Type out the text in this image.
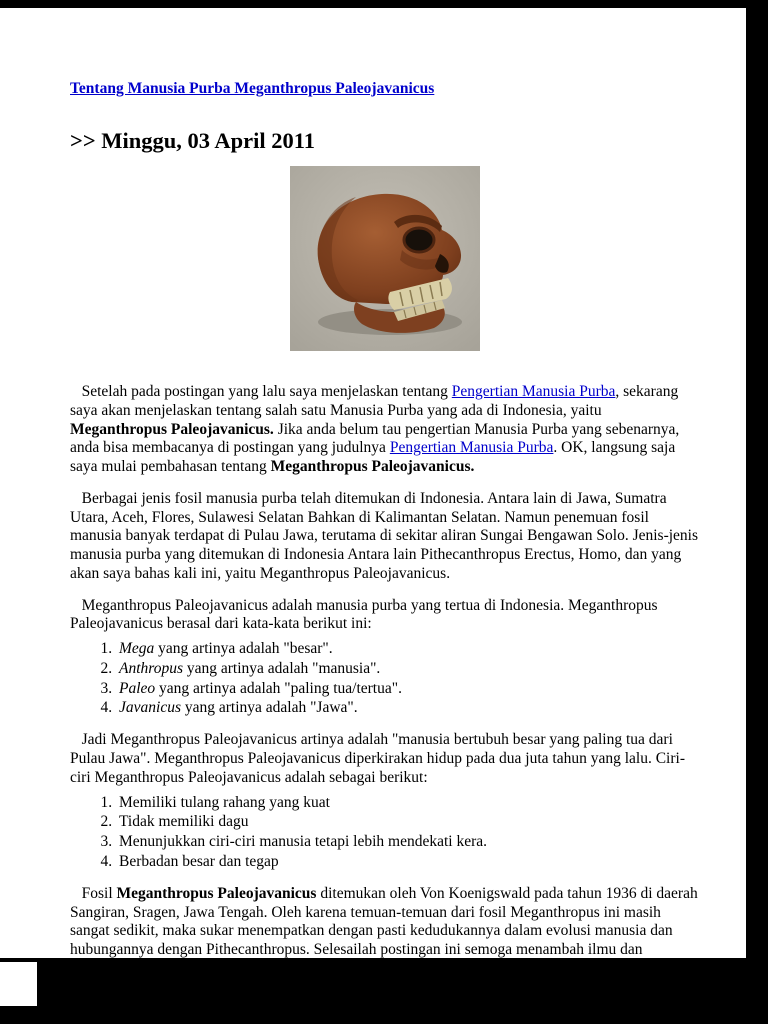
Tentang Manusia Purba Meganthropus Paleojavanicus
>> Minggu, 03 April 2011

Setelah pada postingan yang lalu saya menjelaskan tentang Pengertian Manusia Purba, sekarang saya akan menjelaskan tentang salah satu Manusia Purba yang ada di Indonesia, yaitu Meganthropus Paleojavanicus. Jika anda belum tau pengertian Manusia Purba yang sebenarnya, anda bisa membacanya di postingan yang judulnya Pengertian Manusia Purba. OK, langsung saja saya mulai pembahasan tentang Meganthropus Paleojavanicus.

Berbagai jenis fosil manusia purba telah ditemukan di Indonesia. Antara lain di Jawa, Sumatra Utara, Aceh, Flores, Sulawesi Selatan Bahkan di Kalimantan Selatan. Namun penemuan fosil manusia banyak terdapat di Pulau Jawa, terutama di sekitar aliran Sungai Bengawan Solo. Jenis-jenis manusia purba yang ditemukan di Indonesia Antara lain Pithecanthropus Erectus, Homo, dan yang akan saya bahas kali ini, yaitu Meganthropus Paleojavanicus.

Meganthropus Paleojavanicus adalah manusia purba yang tertua di Indonesia. Meganthropus Paleojavanicus berasal dari kata-kata berikut ini:

1. Mega yang artinya adalah "besar".
2. Anthropus yang artinya adalah "manusia".
3. Paleo yang artinya adalah "paling tua/tertua".
4. Javanicus yang artinya adalah "Jawa".

Jadi Meganthropus Paleojavanicus artinya adalah "manusia bertubuh besar yang paling tua dari Pulau Jawa". Meganthropus Paleojavanicus diperkirakan hidup pada dua juta tahun yang lalu. Ciri-ciri Meganthropus Paleojavanicus adalah sebagai berikut:

1. Memiliki tulang rahang yang kuat
2. Tidak memiliki dagu
3. Menunjukkan ciri-ciri manusia tetapi lebih mendekati kera.
4. Berbadan besar dan tegap

Fosil Meganthropus Paleojavanicus ditemukan oleh Von Koenigswald pada tahun 1936 di daerah Sangiran, Sragen, Jawa Tengah. Oleh karena temuan-temuan dari fosil Meganthropus ini masih sangat sedikit, maka sukar menempatkan dengan pasti kedudukannya dalam evolusi manusia dan hubungannya dengan Pithecanthropus. Selesailah postingan ini semoga menambah ilmu dan
